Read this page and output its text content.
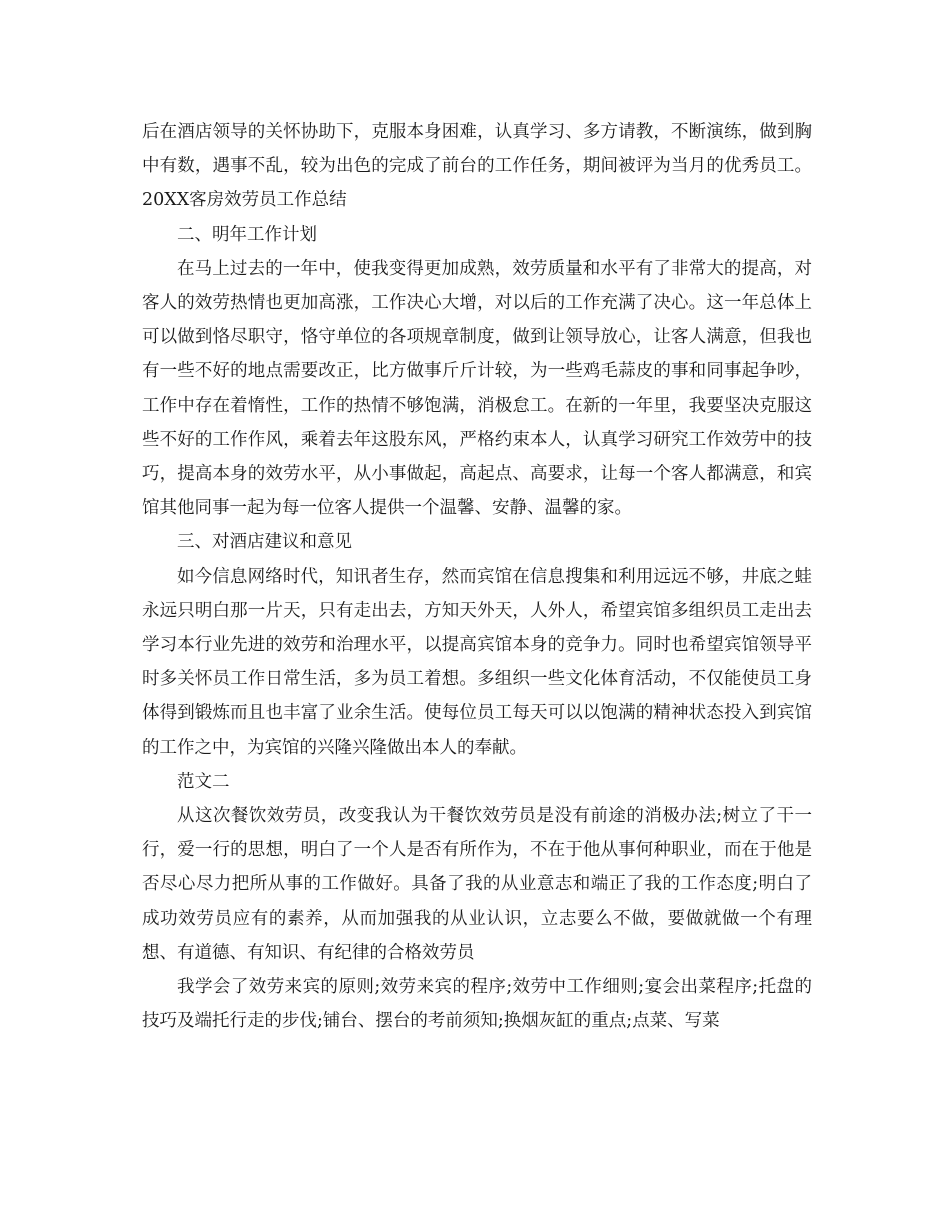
后在酒店领导的关怀协助下，克服本身困难，认真学习、多方请教，不断演练，做到胸中有数，遇事不乱，较为出色的完成了前台的工作任务，期间被评为当月的优秀员工。20XX客房效劳员工作总结

二、明年工作计划

在马上过去的一年中，使我变得更加成熟，效劳质量和水平有了非常大的提高，对客人的效劳热情也更加高涨，工作决心大增，对以后的工作充满了决心。这一年总体上可以做到恪尽职守，恪守单位的各项规章制度，做到让领导放心，让客人满意，但我也有一些不好的地点需要改正，比方做事斤斤计较，为一些鸡毛蒜皮的事和同事起争吵，工作中存在着惰性，工作的热情不够饱满，消极怠工。在新的一年里，我要坚决克服这些不好的工作作风，乘着去年这股东风，严格约束本人，认真学习研究工作效劳中的技巧，提高本身的效劳水平，从小事做起，高起点、高要求，让每一个客人都满意，和宾馆其他同事一起为每一位客人提供一个温馨、安静、温馨的家。

三、对酒店建议和意见

如今信息网络时代，知讯者生存，然而宾馆在信息搜集和利用远远不够，井底之蛙永远只明白那一片天，只有走出去，方知天外天，人外人，希望宾馆多组织员工走出去学习本行业先进的效劳和治理水平，以提高宾馆本身的竞争力。同时也希望宾馆领导平时多关怀员工作日常生活，多为员工着想。多组织一些文化体育活动，不仅能使员工身体得到锻炼而且也丰富了业余生活。使每位员工每天可以以饱满的精神状态投入到宾馆的工作之中，为宾馆的兴隆兴隆做出本人的奉献。

范文二

从这次餐饮效劳员，改变我认为干餐饮效劳员是没有前途的消极办法;树立了干一行，爱一行的思想，明白了一个人是否有所作为，不在于他从事何种职业，而在于他是否尽心尽力把所从事的工作做好。具备了我的从业意志和端正了我的工作态度;明白了成功效劳员应有的素养，从而加强我的从业认识，立志要么不做，要做就做一个有理想、有道德、有知识、有纪律的合格效劳员

我学会了效劳来宾的原则;效劳来宾的程序;效劳中工作细则;宴会出菜程序;托盘的技巧及端托行走的步伐;铺台、摆台的考前须知;换烟灰缸的重点;点菜、写菜
